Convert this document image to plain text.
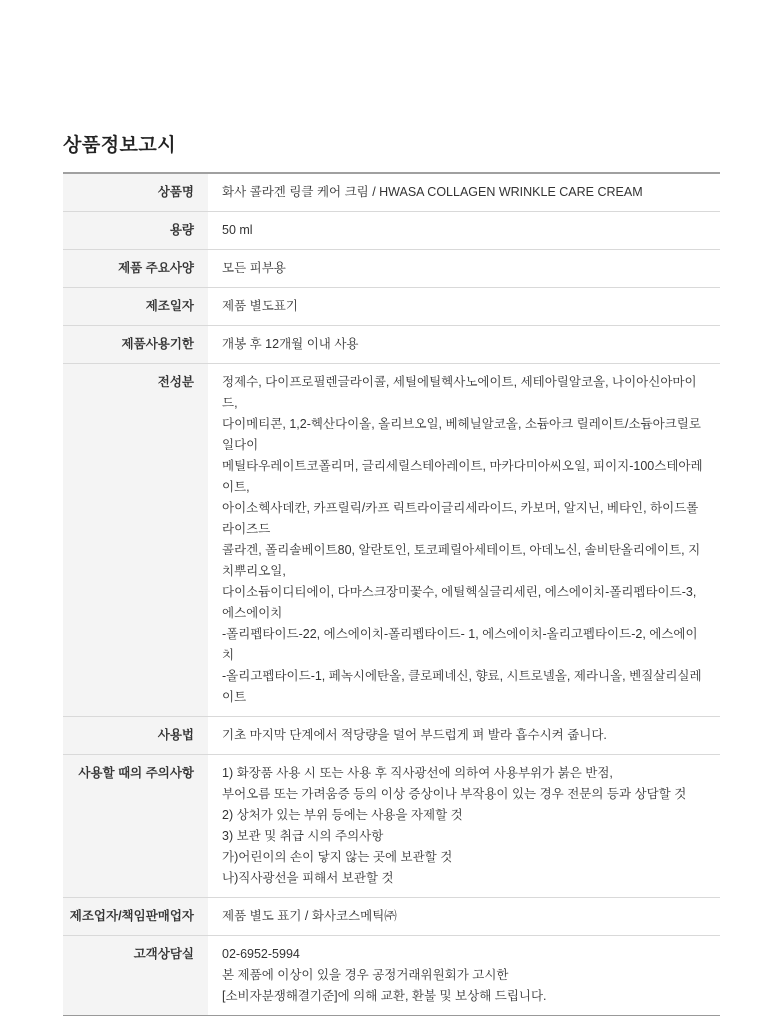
상품정보고시
상품명	화사 콜라겐 링클 케어 크림 / HWASA COLLAGEN WRINKLE CARE CREAM
용량	50 ml
제품 주요사양	모든 피부용
제조일자	제품 별도표기
제품사용기한	개봉 후 12개월 이내 사용
전성분	정제수, 다이프로필렌글라이콜, 세틸에틸헥사노에이트, 세테아릴알코올, 나이아신아마이드,
다이메티콘, 1,2-헥산다이올, 올리브오일, 베헤닐알코올, 소듐아크 릴레이트/소듐아크릴로일다이
메틸타우레이트코폴리머, 글리세릴스테아레이트, 마카다미아씨오일, 피이지-100스테아레이트,
아이소헥사데칸, 카프릴릭/카프 릭트라이글리세라이드, 카보머, 알지닌, 베타인, 하이드롤라이즈드
콜라겐, 폴리솔베이트80, 알란토인, 토코페릴아세테이트, 아데노신, 솔비탄올리에이트, 지치뿌리오일,
다이소듐이디티에이, 다마스크장미꽃수, 에틸헥실글리세린, 에스에이치-폴리펩타이드-3, 에스에이치
-폴리펩타이드-22, 에스에이치-폴리펩타이드- 1, 에스에이치-올리고펩타이드-2, 에스에이치
-올리고펩타이드-1, 페녹시에탄올, 클로페네신, 향료, 시트로넬올, 제라니올, 벤질살리실레이트
사용법	기초 마지막 단계에서 적당량을 덜어 부드럽게 펴 발라 흡수시켜 줍니다.
사용할 때의 주의사항	1) 화장품 사용 시 또는 사용 후 직사광선에 의하여 사용부위가 붉은 반점,
부어오름 또는 가려움증 등의 이상 증상이나 부작용이 있는 경우 전문의 등과 상담할 것
2) 상처가 있는 부위 등에는 사용을 자제할 것
3) 보관 및 취급 시의 주의사항
가)어린이의 손이 닿지 않는 곳에 보관할 것
나)직사광선을 피해서 보관할 것
제조업자/책임판매업자	제품 별도 표기 / 화사코스메틱㈜
고객상담실	02-6952-5994
본 제품에 이상이 있을 경우 공정거래위원회가 고시한
[소비자분쟁해결기준]에 의해 교환, 환불 및 보상해 드립니다.
